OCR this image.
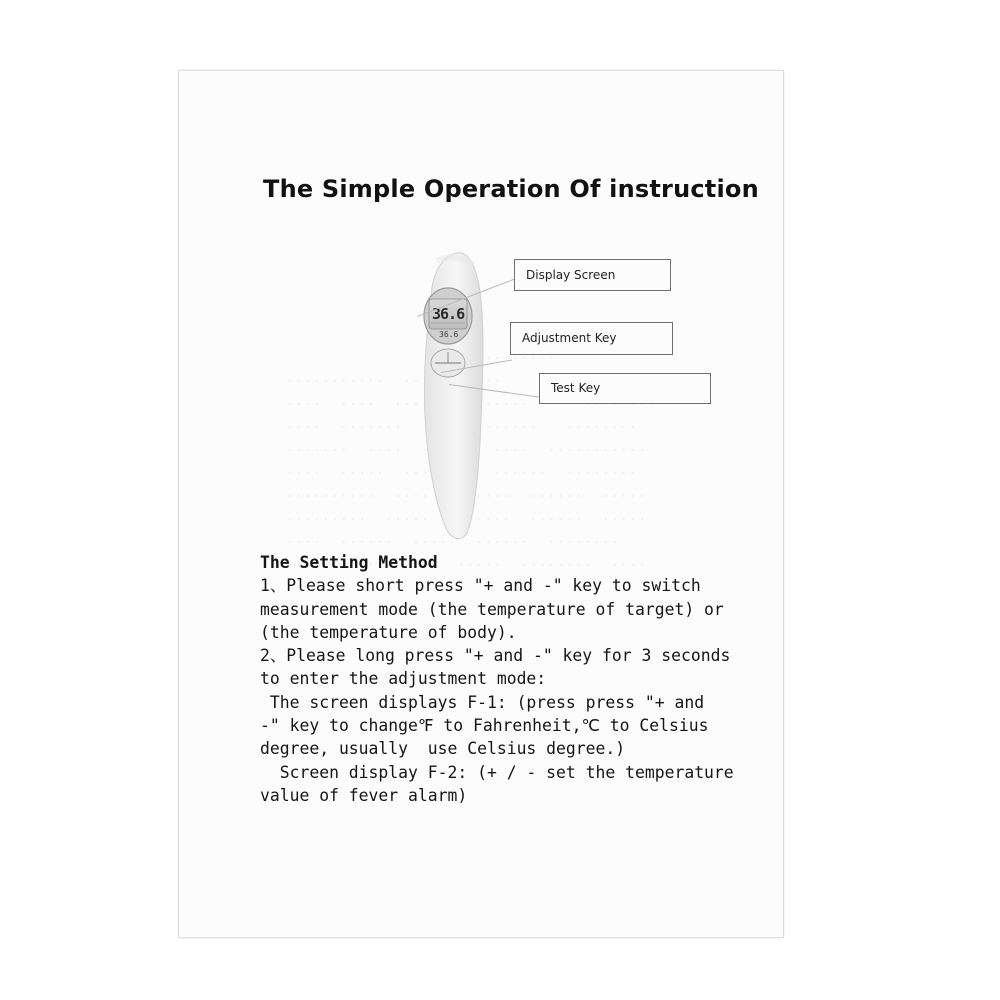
The Simple Operation Of instruction
36.6
36.6
Display Screen
Adjustment Key
Test Key
The Setting Method
1、Please short press "+ and -" key to switch
measurement mode (the temperature of target) or
(the temperature of body).
2、Please long press "+ and -" key for 3 seconds
to enter the adjustment mode:
The screen displays F-1: (press press "+ and
-" key to change℉ to Fahrenheit,℃ to Celsius
degree, usually  use Celsius degree.)
Screen display F-2: (+ / - set the temperature
value of fever alarm)
